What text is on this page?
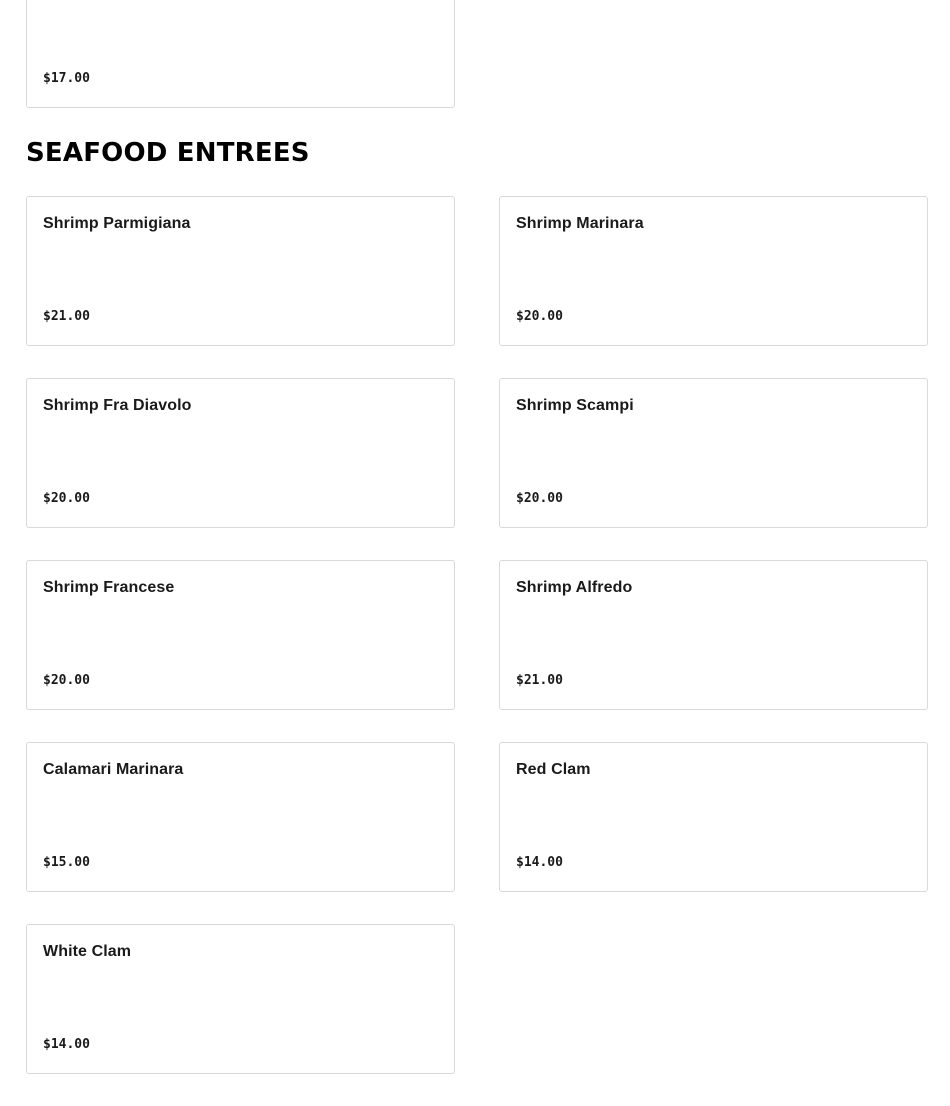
$17.00
SEAFOOD ENTREES
Shrimp Parmigiana
$21.00
Shrimp Marinara
$20.00
Shrimp Fra Diavolo
$20.00
Shrimp Scampi
$20.00
Shrimp Francese
$20.00
Shrimp Alfredo
$21.00
Calamari Marinara
$15.00
Red Clam
$14.00
White Clam
$14.00
